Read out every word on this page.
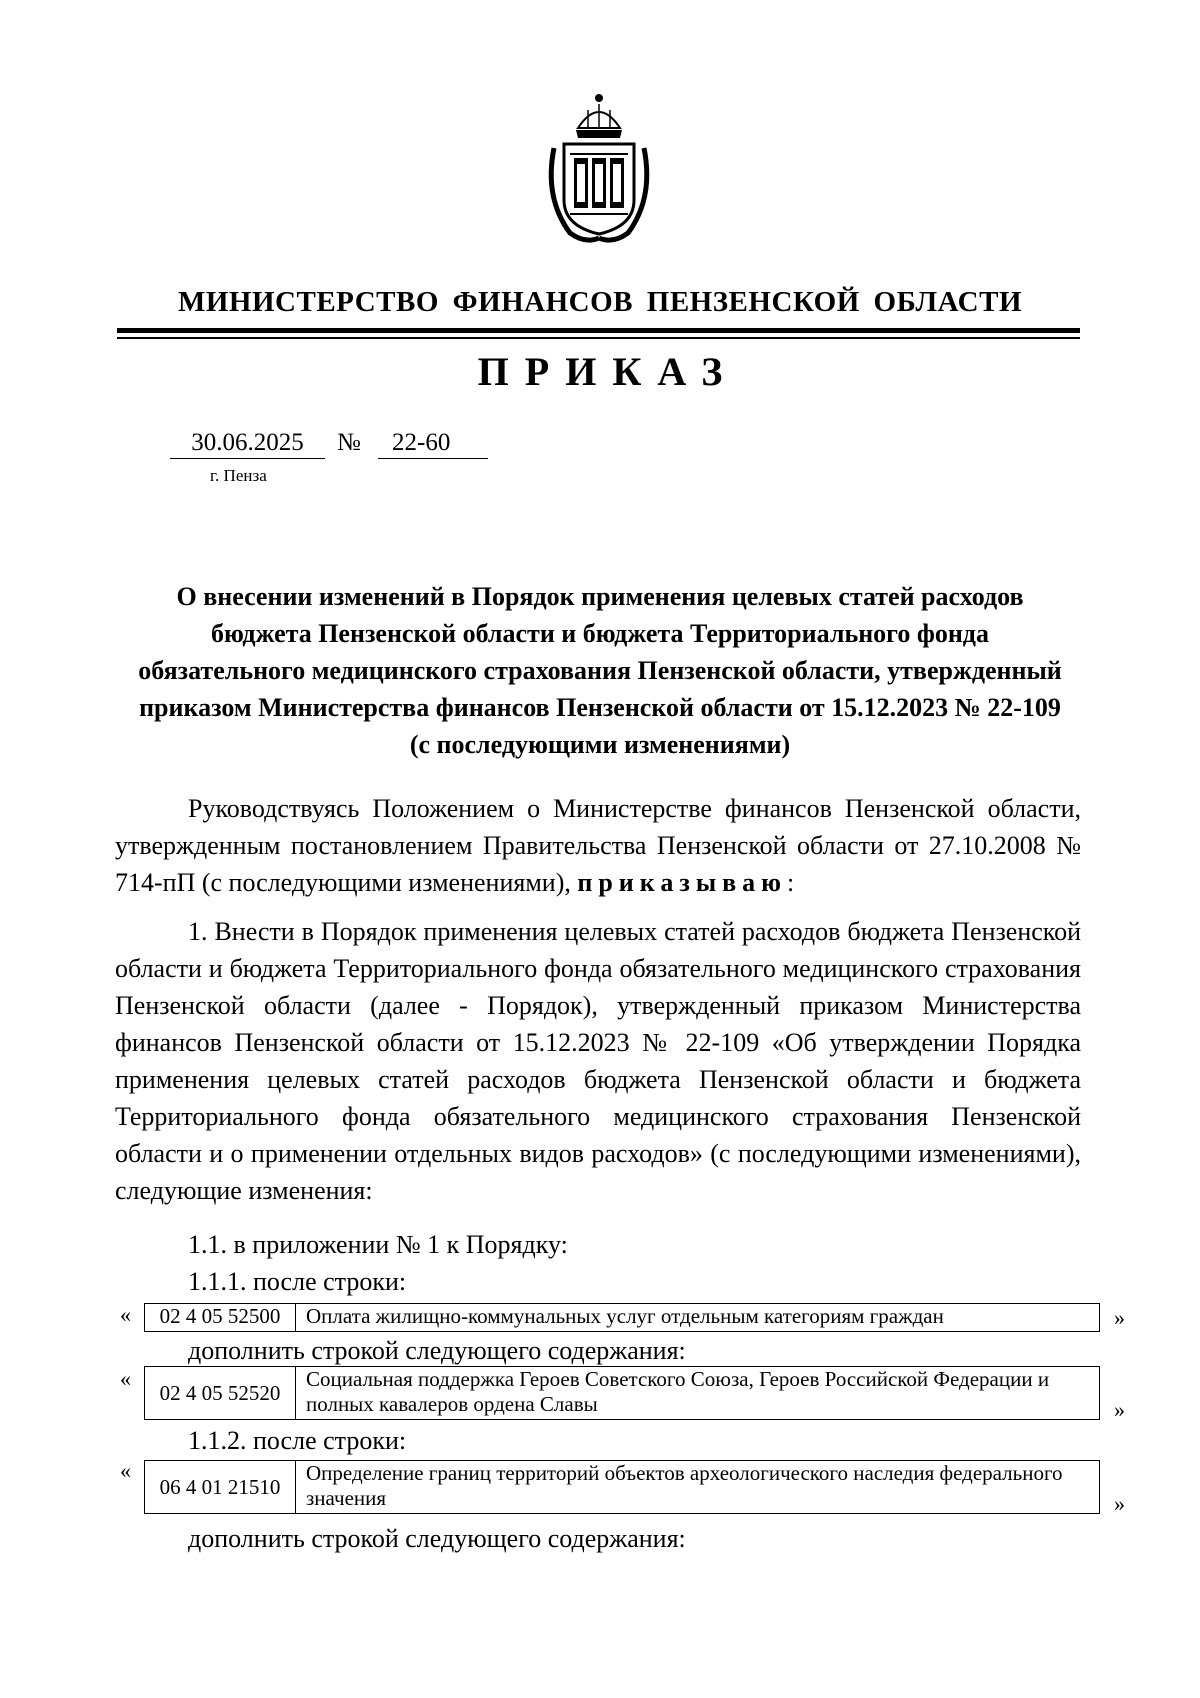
МИНИСТЕРСТВО ФИНАНСОВ ПЕНЗЕНСКОЙ ОБЛАСТИ
ПРИКАЗ
30.06.2025	№	22-60
г. Пенза
О внесении изменений в Порядок применения целевых статей расходов бюджета Пензенской области и бюджета Территориального фонда обязательного медицинского страхования Пензенской области, утвержденный приказом Министерства финансов Пензенской области от 15.12.2023 № 22-109 (с последующими изменениями)
Руководствуясь Положением о Министерстве финансов Пензенской области, утвержденным постановлением Правительства Пензенской области от 27.10.2008 № 714-пП (с последующими изменениями), приказываю:
1. Внести в Порядок применения целевых статей расходов бюджета Пензенской области и бюджета Территориального фонда обязательного медицинского страхования Пензенской области (далее - Порядок), утвержденный приказом Министерства финансов Пензенской области от 15.12.2023 № 22-109 «Об утверждении Порядка применения целевых статей расходов бюджета Пензенской области и бюджета Территориального фонда обязательного медицинского страхования Пензенской области и о применении отдельных видов расходов» (с последующими изменениями), следующие изменения:
1.1. в приложении № 1 к Порядку:
1.1.1. после строки:
« 02 4 05 52500	Оплата жилищно-коммунальных услуг отдельным категориям граждан	»
дополнить строкой следующего содержания:
«
02 4 05 52520	Социальная поддержка Героев Советского Союза, Героев Российской Федерации и полных кавалеров ордена Славы	»
1.1.2. после строки:
«
06 4 01 21510	Определение границ территорий объектов археологического наследия федерального значения	»
дополнить строкой следующего содержания:
